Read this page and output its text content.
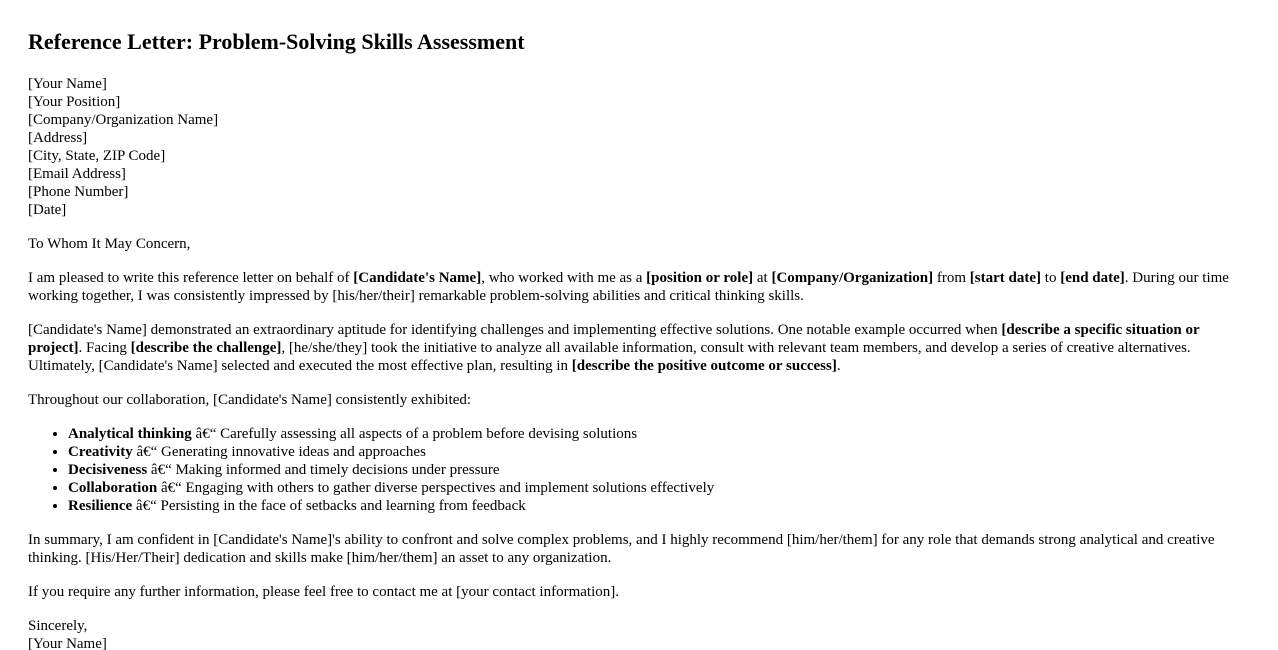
Reference Letter: Problem-Solving Skills Assessment
[Your Name]
[Your Position]
[Company/Organization Name]
[Address]
[City, State, ZIP Code]
[Email Address]
[Phone Number]
[Date]

To Whom It May Concern,

I am pleased to write this reference letter on behalf of [Candidate's Name], who worked with me as a [position or role] at [Company/Organization] from [start date] to [end date]. During our time working together, I was consistently impressed by [his/her/their] remarkable problem-solving abilities and critical thinking skills.

[Candidate's Name] demonstrated an extraordinary aptitude for identifying challenges and implementing effective solutions. One notable example occurred when [describe a specific situation or project]. Facing [describe the challenge], [he/she/they] took the initiative to analyze all available information, consult with relevant team members, and develop a series of creative alternatives. Ultimately, [Candidate's Name] selected and executed the most effective plan, resulting in [describe the positive outcome or success].

Throughout our collaboration, [Candidate's Name] consistently exhibited:

• Analytical thinking â€“ Carefully assessing all aspects of a problem before devising solutions
• Creativity â€“ Generating innovative ideas and approaches
• Decisiveness â€“ Making informed and timely decisions under pressure
• Collaboration â€“ Engaging with others to gather diverse perspectives and implement solutions effectively
• Resilience â€“ Persisting in the face of setbacks and learning from feedback

In summary, I am confident in [Candidate's Name]'s ability to confront and solve complex problems, and I highly recommend [him/her/them] for any role that demands strong analytical and creative thinking. [His/Her/Their] dedication and skills make [him/her/them] an asset to any organization.

If you require any further information, please feel free to contact me at [your contact information].

Sincerely,

[Your Name]
